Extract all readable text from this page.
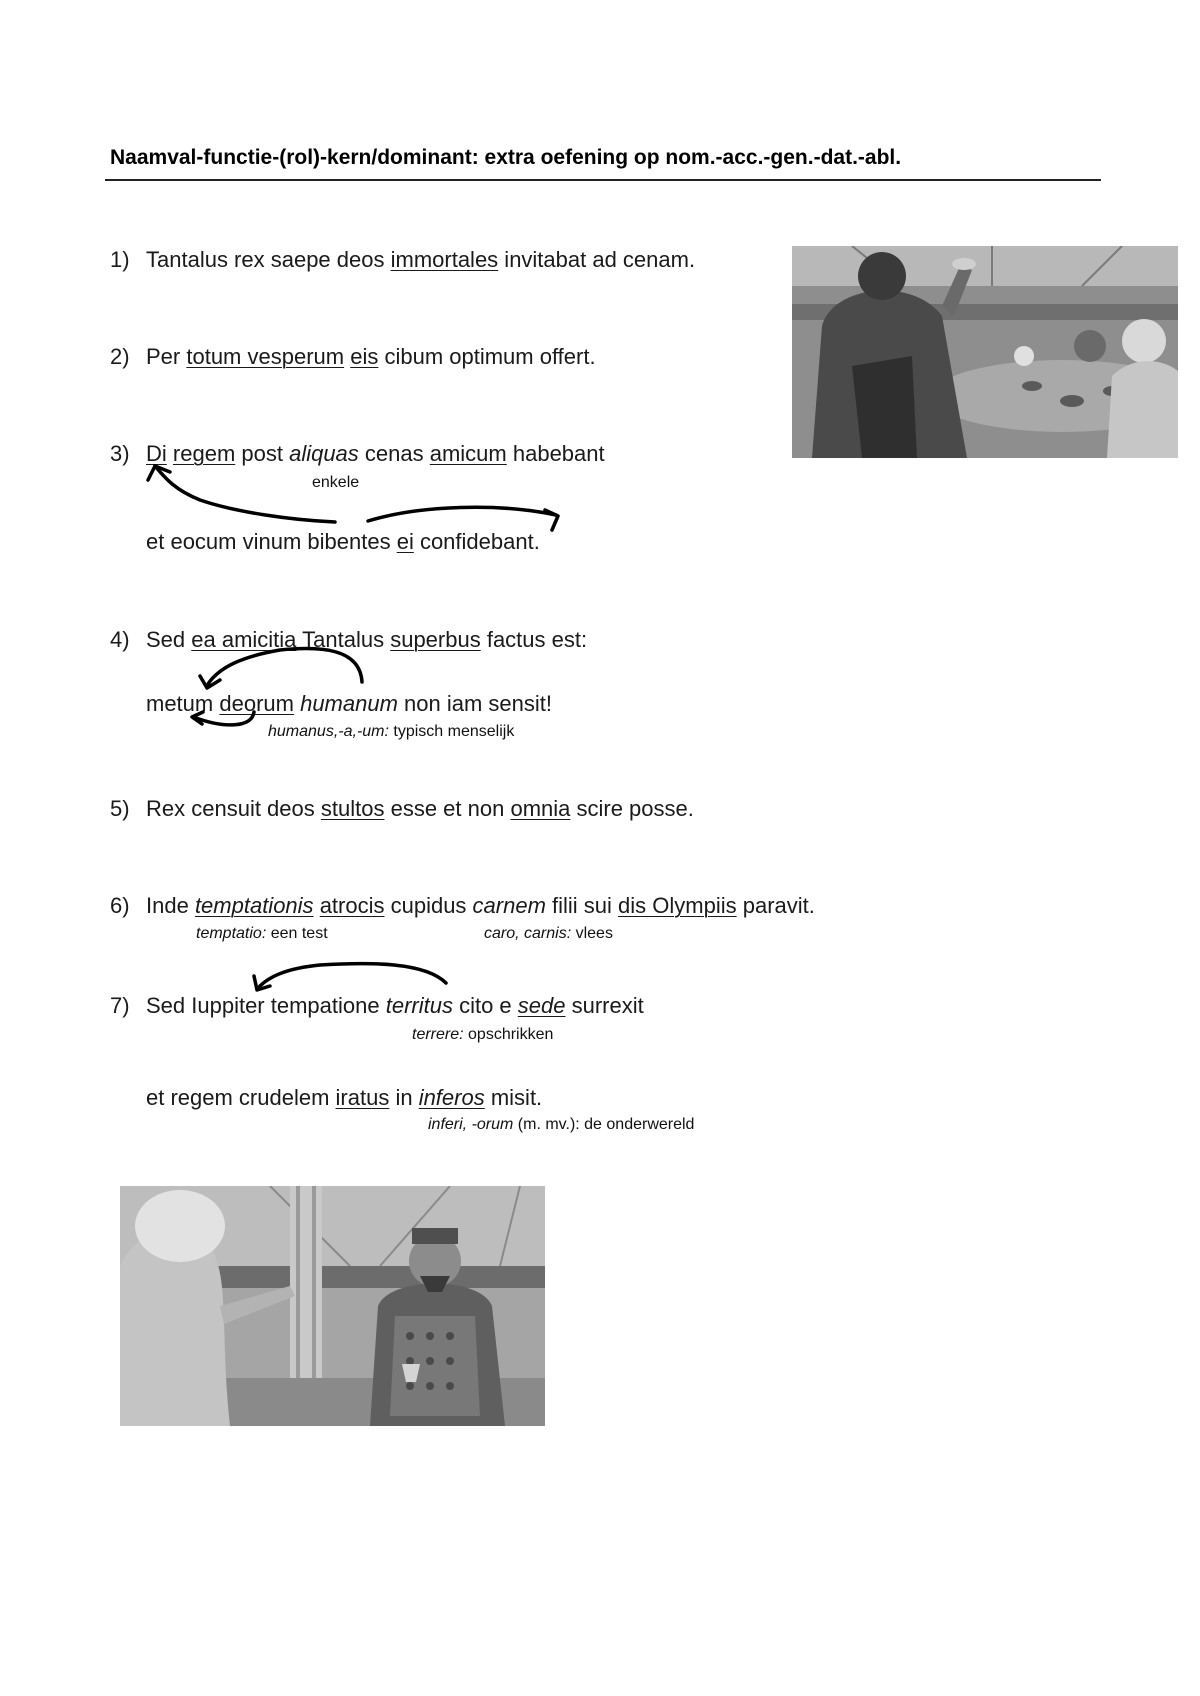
Naamval-functie-(rol)-kern/dominant: extra oefening op nom.-acc.-gen.-dat.-abl.
1) Tantalus rex saepe deos immortales invitabat ad cenam.
2) Per totum vesperum eis cibum optimum offert.
3) Di regem post aliquas cenas amicum habebant
enkele
et eocum vinum bibentes ei confidebant.
4) Sed ea amicitia Tantalus superbus factus est:
metum deorum humanum non iam sensit!
humanus,-a,-um: typisch menselijk
5) Rex censuit deos stultos esse et non omnia scire posse.
6) Inde temptationis atrocis cupidus carnem filii sui dis Olympiis paravit.
temptatio: een test	caro, carnis: vlees
7) Sed Iuppiter tempatione territus cito e sede surrexit
terrere: opschrikken
et regem crudelem iratus in inferos misit.
inferi, -orum (m. mv.): de onderwereld
